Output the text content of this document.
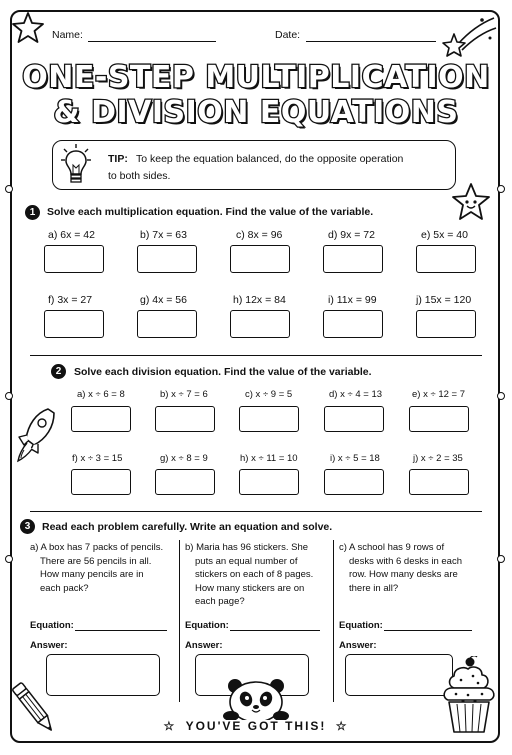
Name:	Date:
ONE-STEP MULTIPLICATION
& DIVISION EQUATIONS
TIP: To keep the equation balanced, do the opposite operation
to both sides.
1	Solve each multiplication equation. Find the value of the variable.
a) 6x = 42	b) 7x = 63	c) 8x = 96	d) 9x = 72	e) 5x = 40
f) 3x = 27	g) 4x = 56	h) 12x = 84	i) 11x = 99	j) 15x = 120
2	Solve each division equation. Find the value of the variable.
a) x ÷ 6 = 8	b) x ÷ 7 = 6	c) x ÷ 9 = 5	d) x ÷ 4 = 13	e) x ÷ 12 = 7
f) x ÷ 3 = 15	g) x ÷ 8 = 9	h) x ÷ 11 = 10	i) x ÷ 5 = 18	j) x ÷ 2 = 35
3	Read each problem carefully. Write an equation and solve.
a) A box has 7 packs of pencils.
There are 56 pencils in all.
How many pencils are in
each pack?
Equation:
Answer:
b) Maria has 96 stickers. She
puts an equal number of
stickers on each of 8 pages.
How many stickers are on
each page?
Equation:
Answer:
c) A school has 9 rows of
desks with 6 desks in each
row. How many desks are
there in all?
Equation:
Answer:
☆ YOU'VE GOT THIS! ☆
